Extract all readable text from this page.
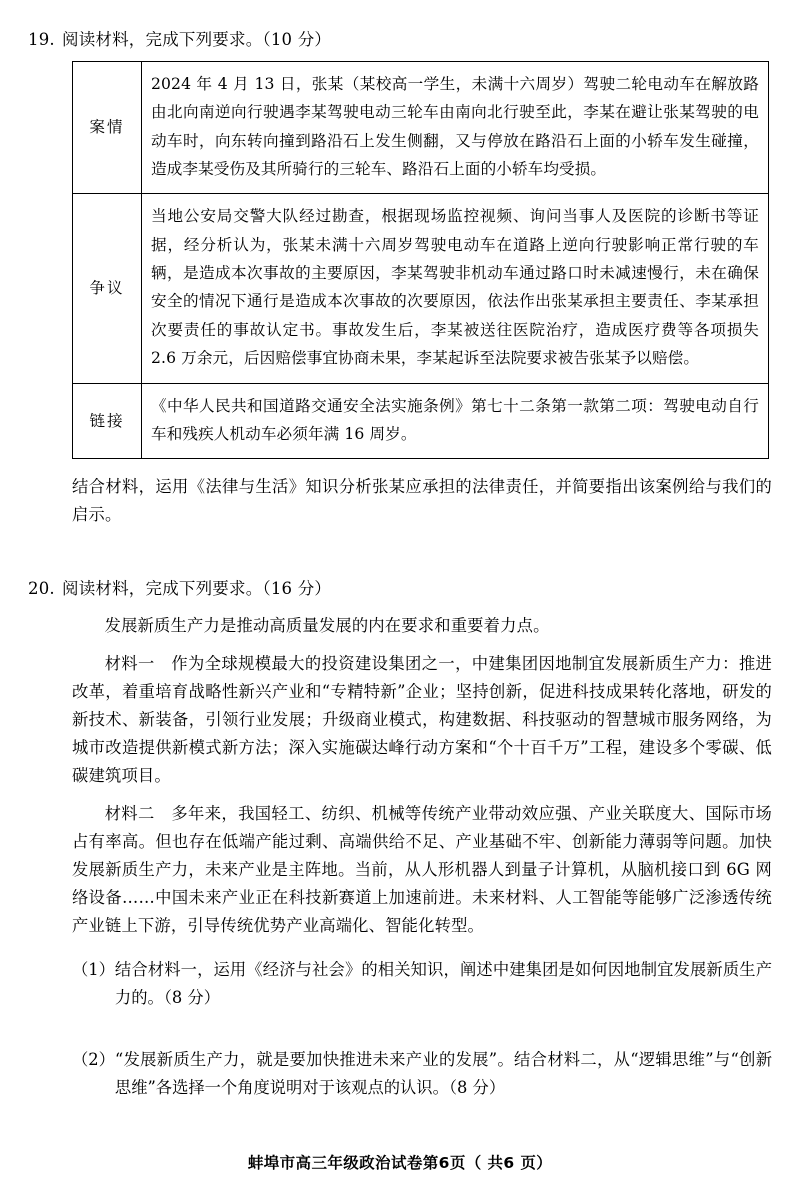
19. 阅读材料，完成下列要求。（10 分）
案情	2024 年 4 月 13 日，张某（某校高一学生，未满十六周岁）驾驶二轮电动车在解放路由北向南逆向行驶遇李某驾驶电动三轮车由南向北行驶至此，李某在避让张某驾驶的电动车时，向东转向撞到路沿石上发生侧翻，又与停放在路沿石上面的小轿车发生碰撞，造成李某受伤及其所骑行的三轮车、路沿石上面的小轿车均受损。
争议	当地公安局交警大队经过勘查，根据现场监控视频、询问当事人及医院的诊断书等证据，经分析认为，张某未满十六周岁驾驶电动车在道路上逆向行驶影响正常行驶的车辆，是造成本次事故的主要原因，李某驾驶非机动车通过路口时未减速慢行，未在确保安全的情况下通行是造成本次事故的次要原因，依法作出张某承担主要责任、李某承担次要责任的事故认定书。事故发生后，李某被送往医院治疗，造成医疗费等各项损失 2.6 万余元，后因赔偿事宜协商未果，李某起诉至法院要求被告张某予以赔偿。
链接	《中华人民共和国道路交通安全法实施条例》第七十二条第一款第二项：驾驶电动自行车和残疾人机动车必须年满 16 周岁。

结合材料，运用《法律与生活》知识分析张某应承担的法律责任，并简要指出该案例给与我们的启示。

20. 阅读材料，完成下列要求。（16 分）

发展新质生产力是推动高质量发展的内在要求和重要着力点。

材料一　作为全球规模最大的投资建设集团之一，中建集团因地制宜发展新质生产力：推进改革，着重培育战略性新兴产业和“专精特新”企业；坚持创新，促进科技成果转化落地，研发的新技术、新装备，引领行业发展；升级商业模式，构建数据、科技驱动的智慧城市服务网络，为城市改造提供新模式新方法；深入实施碳达峰行动方案和“个十百千万”工程，建设多个零碳、低碳建筑项目。

材料二　多年来，我国轻工、纺织、机械等传统产业带动效应强、产业关联度大、国际市场占有率高。但也存在低端产能过剩、高端供给不足、产业基础不牢、创新能力薄弱等问题。加快发展新质生产力，未来产业是主阵地。当前，从人形机器人到量子计算机，从脑机接口到 6G 网络设备……中国未来产业正在科技新赛道上加速前进。未来材料、人工智能等能够广泛渗透传统产业链上下游，引导传统优势产业高端化、智能化转型。

（1） 结合材料一，运用《经济与社会》的相关知识，阐述中建集团是如何因地制宜发展新质生产力的。（8 分）
（2） “发展新质生产力，就是要加快推进未来产业的发展”。结合材料二，从“逻辑思维”与“创新思维”各选择一个角度说明对于该观点的认识。（8 分）
蚌埠市高三年级政治试卷第6页（ 共6 页）
